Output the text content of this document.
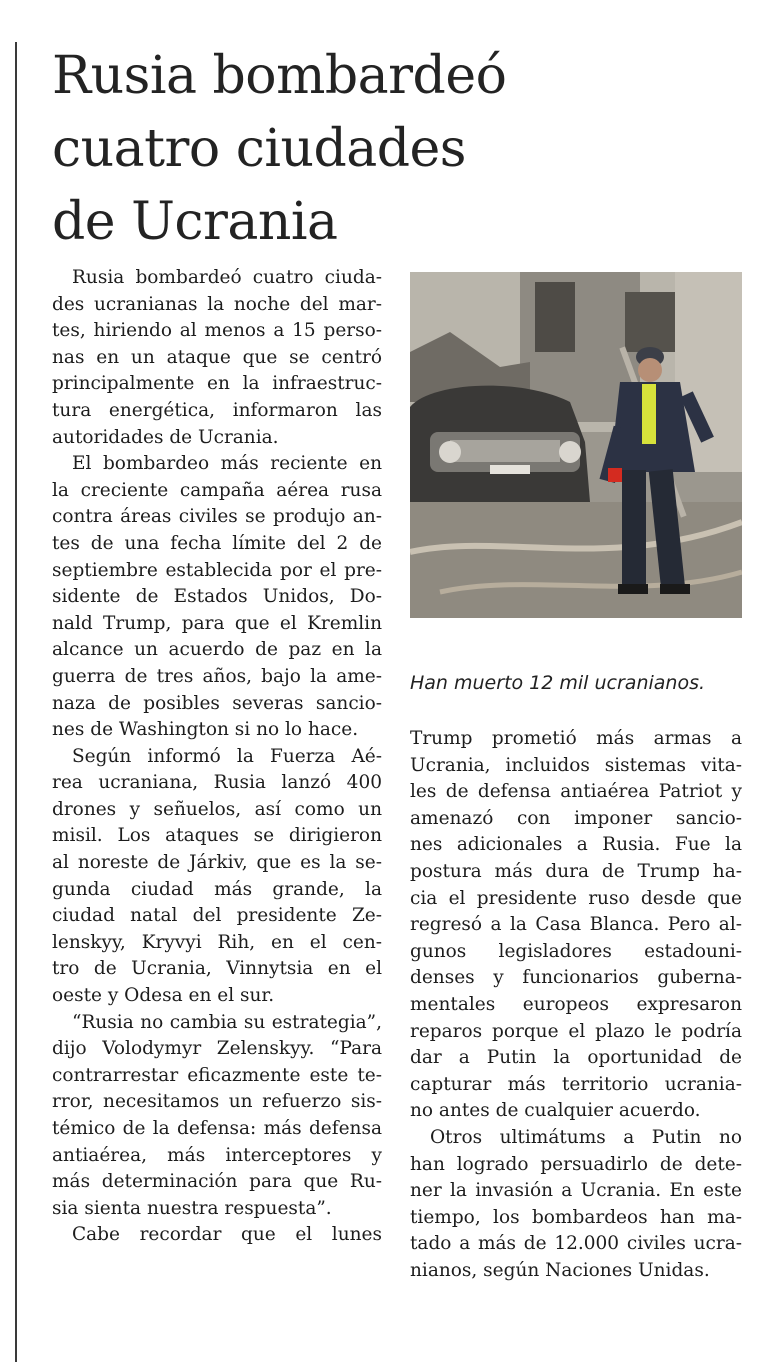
Rusia bombardeó
cuatro ciudades
de Ucrania
Rusia bombardeó cuatro ciuda-
des ucranianas la noche del mar-
tes, hiriendo al menos a 15 perso-
nas en un ataque que se centró
principalmente en la infraestruc-
tura energética, informaron las
autoridades de Ucrania.
El bombardeo más reciente en
la creciente campaña aérea rusa
contra áreas civiles se produjo an-
tes de una fecha límite del 2 de
septiembre establecida por el pre-
sidente de Estados Unidos, Do-
nald Trump, para que el Kremlin
alcance un acuerdo de paz en la
guerra de tres años, bajo la ame-
naza de posibles severas sancio-
nes de Washington si no lo hace.
Según informó la Fuerza Aé-
rea ucraniana, Rusia lanzó 400
drones y señuelos, así como un
misil. Los ataques se dirigieron
al noreste de Járkiv, que es la se-
gunda ciudad más grande, la
ciudad natal del presidente Ze-
lenskyy, Kryvyi Rih, en el cen-
tro de Ucrania, Vinnytsia en el
oeste y Odesa en el sur.
“Rusia no cambia su estrategia”,
dijo Volodymyr Zelenskyy. “Para
contrarrestar eficazmente este te-
rror, necesitamos un refuerzo sis-
témico de la defensa: más defensa
antiaérea, más interceptores y
más determinación para que Ru-
sia sienta nuestra respuesta”.
Cabe recordar que el lunes
Han muerto 12 mil ucranianos.
Trump prometió más armas a
Ucrania, incluidos sistemas vita-
les de defensa antiaérea Patriot y
amenazó con imponer sancio-
nes adicionales a Rusia. Fue la
postura más dura de Trump ha-
cia el presidente ruso desde que
regresó a la Casa Blanca. Pero al-
gunos legisladores estadouni-
denses y funcionarios guberna-
mentales europeos expresaron
reparos porque el plazo le podría
dar a Putin la oportunidad de
capturar más territorio ucrania-
no antes de cualquier acuerdo.
Otros ultimátums a Putin no
han logrado persuadirlo de dete-
ner la invasión a Ucrania. En este
tiempo, los bombardeos han ma-
tado a más de 12.000 civiles ucra-
nianos, según Naciones Unidas.
